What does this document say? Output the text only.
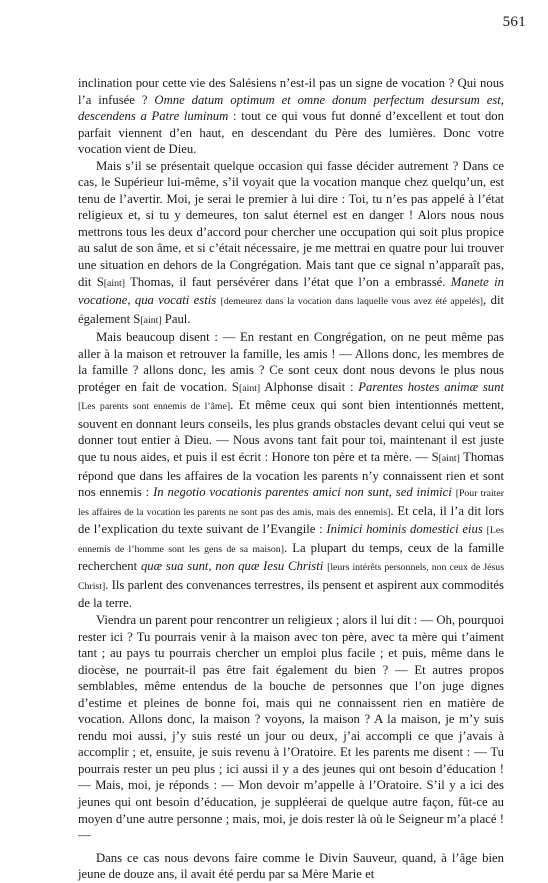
561

inclination pour cette vie des Salésiens n’est-il pas un signe de vocation ? Qui nous l’a infusée ? Omne datum optimum et omne donum perfectum desursum est, descendens a Patre luminum : tout ce qui vous fut donné d’excellent et tout don parfait viennent d’en haut, en descendant du Père des lumières. Donc votre vocation vient de Dieu.

Mais s’il se présentait quelque occasion qui fasse décider autrement ? Dans ce cas, le Supérieur lui-même, s’il voyait que la vocation manque chez quelqu’un, est tenu de l’avertir. Moi, je serai le premier à lui dire : Toi, tu n’es pas appelé à l’état religieux et, si tu y demeures, ton salut éternel est en danger ! Alors nous nous mettrons tous les deux d’accord pour chercher une occupation qui soit plus propice au salut de son âme, et si c’était nécessaire, je me mettrai en quatre pour lui trouver une situation en dehors de la Congrégation. Mais tant que ce signal n’apparaît pas, dit S[aint] Thomas, il faut persévérer dans l’état que l’on a embrassé. Manete in vocatione, qua vocati estis [demeurez dans la vocation dans laquelle vous avez été appelés], dit également S[aint] Paul.

Mais beaucoup disent : — En restant en Congrégation, on ne peut même pas aller à la maison et retrouver la famille, les amis ! — Allons donc, les membres de la famille ? allons donc, les amis ? Ce sont ceux dont nous devons le plus nous protéger en fait de vocation. S[aint] Alphonse disait : Parentes hostes animæ sunt [Les parents sont ennemis de l’âme]. Et même ceux qui sont bien intentionnés mettent, souvent en donnant leurs conseils, les plus grands obstacles devant celui qui veut se donner tout entier à Dieu. — Nous avons tant fait pour toi, maintenant il est juste que tu nous aides, et puis il est écrit : Honore ton père et ta mère. — S[aint] Thomas répond que dans les affaires de la vocation les parents n’y connaissent rien et sont nos ennemis : In negotio vocationis parentes amici non sunt, sed inimici [Pour traiter les affaires de la vocation les parents ne sont pas des amis, mais des ennemis]. Et cela, il l’a dit lors de l’explication du texte suivant de l’Evangile : Inimici hominis domestici eius [Les ennemis de l’homme sont les gens de sa maison]. La plupart du temps, ceux de la famille recherchent quæ sua sunt, non quæ Iesu Christi [leurs intérêts personnels, non ceux de Jésus Christ]. Ils parlent des convenances terrestres, ils pensent et aspirent aux commodités de la terre.

Viendra un parent pour rencontrer un religieux ; alors il lui dit : — Oh, pourquoi rester ici ? Tu pourrais venir à la maison avec ton père, avec ta mère qui t’aiment tant ; au pays tu pourrais chercher un emploi plus facile ; et puis, même dans le diocèse, ne pourrait-il pas être fait également du bien ? — Et autres propos semblables, même entendus de la bouche de personnes que l’on juge dignes d’estime et pleines de bonne foi, mais qui ne connaissent rien en matière de vocation. Allons donc, la maison ? voyons, la maison ? A la maison, je m’y suis rendu moi aussi, j’y suis resté un jour ou deux, j’ai accompli ce que j’avais à accomplir ; et, ensuite, je suis revenu à l’Oratoire. Et les parents me disent : — Tu pourrais rester un peu plus ; ici aussi il y a des jeunes qui ont besoin d’éducation ! — Mais, moi, je réponds : — Mon devoir m’appelle à l’Oratoire. S’il y a ici des jeunes qui ont besoin d’éducation, je suppléerai de quelque autre façon, fût-ce au moyen d’une autre personne ; mais, moi, je dois rester là où le Seigneur m’a placé ! —

Dans ce cas nous devons faire comme le Divin Sauveur, quand, à l’âge bien jeune de douze ans, il avait été perdu par sa Mère Marie et
